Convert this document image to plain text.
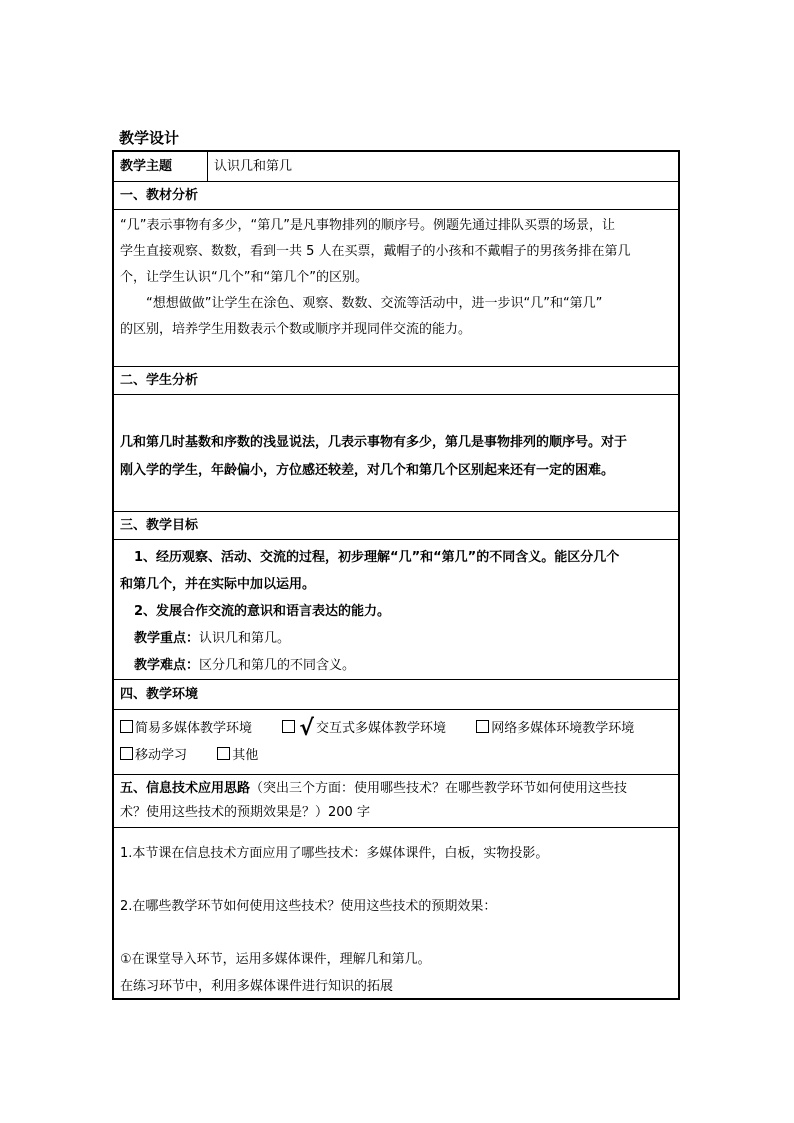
教学设计
教学主题	认识几和第几
一、教材分析
“几”表示事物有多少，“第几”是凡事物排列的顺序号。例题先通过排队买票的场景，让
学生直接观察、数数，看到一共 5 人在买票，戴帽子的小孩和不戴帽子的男孩务排在第几
个，让学生认识“几个”和“第几个”的区别。
“想想做做”让学生在涂色、观察、数数、交流等活动中，进一步识“几”和“第几”
的区别，培养学生用数表示个数或顺序并现同伴交流的能力。
二、学生分析
几和第几时基数和序数的浅显说法，几表示事物有多少，第几是事物排列的顺序号。对于
刚入学的学生，年龄偏小，方位感还较差，对几个和第几个区别起来还有一定的困难。
三、教学目标
1、经历观察、活动、交流的过程，初步理解“几”和“第几”的不同含义。能区分几个
和第几个，并在实际中加以运用。
2、发展合作交流的意识和语言表达的能力。
教学重点：认识几和第几。
教学难点：区分几和第几的不同含义。
四、教学环境
简易多媒体教学环境 √ 交互式多媒体教学环境	网络多媒体环境教学环境
移动学习	其他
五、信息技术应用思路（突出三个方面：使用哪些技术？在哪些教学环节如何使用这些技
术？使用这些技术的预期效果是？）200 字
1.本节课在信息技术方面应用了哪些技术：多媒体课件，白板，实物投影。
2.在哪些教学环节如何使用这些技术？使用这些技术的预期效果：
①在课堂导入环节，运用多媒体课件，理解几和第几。
在练习环节中，利用多媒体课件进行知识的拓展
